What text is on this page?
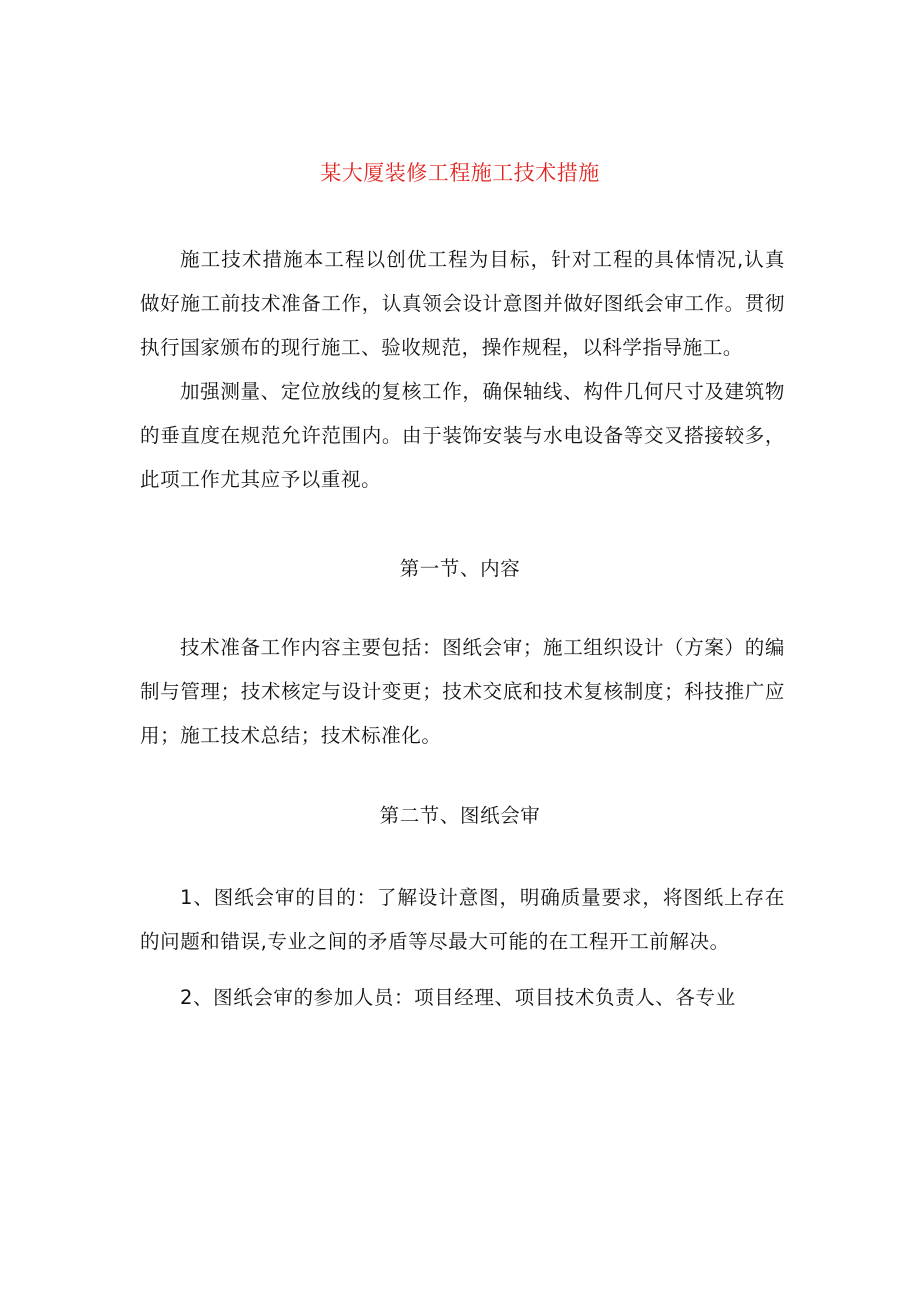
某大厦装修工程施工技术措施

施工技术措施本工程以创优工程为目标，针对工程的具体情况,认真做好施工前技术准备工作，认真领会设计意图并做好图纸会审工作。贯彻执行国家颁布的现行施工、验收规范，操作规程，以科学指导施工。

加强测量、定位放线的复核工作，确保轴线、构件几何尺寸及建筑物的垂直度在规范允许范围内。由于装饰安装与水电设备等交叉搭接较多，此项工作尤其应予以重视。

第一节、内容

技术准备工作内容主要包括：图纸会审；施工组织设计（方案）的编制与管理；技术核定与设计变更；技术交底和技术复核制度；科技推广应用；施工技术总结；技术标准化。

第二节、图纸会审

1、图纸会审的目的：了解设计意图，明确质量要求，将图纸上存在的问题和错误,专业之间的矛盾等尽最大可能的在工程开工前解决。

2、图纸会审的参加人员：项目经理、项目技术负责人、各专业
